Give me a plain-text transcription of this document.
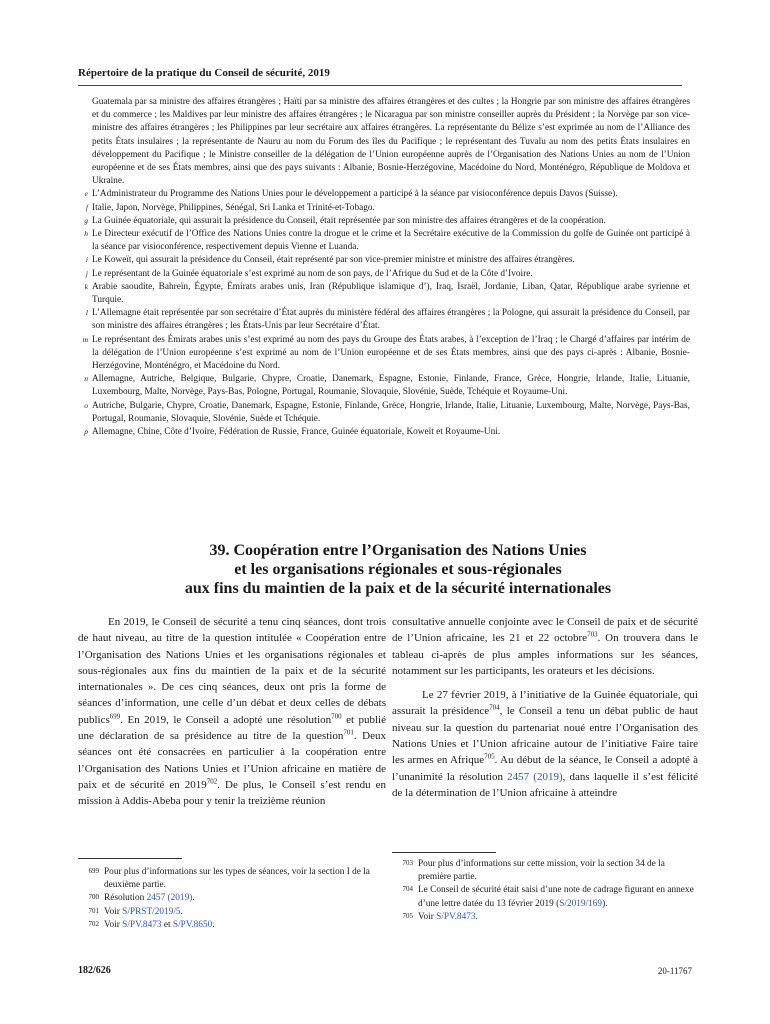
Répertoire de la pratique du Conseil de sécurité, 2019
Guatemala par sa ministre des affaires étrangères ; Haïti par sa ministre des affaires étrangères et des cultes ; la Hongrie par son ministre des affaires étrangères et du commerce ; les Maldives par leur ministre des affaires étrangères ; le Nicaragua par son ministre conseiller auprès du Président ; la Norvège par son vice-ministre des affaires étrangères ; les Philippines par leur secrétaire aux affaires étrangères. La représentante du Bélize s’est exprimée au nom de l’Alliance des petits États insulaires ; la représentante de Nauru au nom du Forum des îles du Pacifique ; le représentant des Tuvalu au nom des petits États insulaires en développement du Pacifique ; le Ministre conseiller de la délégation de l’Union européenne auprès de l’Organisation des Nations Unies au nom de l’Union européenne et de ses États membres, ainsi que des pays suivants : Albanie, Bosnie-Herzégovine, Macédoine du Nord, Monténégro, République de Moldova et Ukraine.
e L’Administrateur du Programme des Nations Unies pour le développement a participé à la séance par visioconférence depuis Davos (Suisse).
f Italie, Japon, Norvège, Philippines, Sénégal, Sri Lanka et Trinité-et-Tobago.
g La Guinée équatoriale, qui assurait la présidence du Conseil, était représentée par son ministre des affaires étrangères et de la coopération.
h Le Directeur exécutif de l’Office des Nations Unies contre la drogue et le crime et la Secrétaire exécutive de la Commission du golfe de Guinée ont participé à la séance par visioconférence, respectivement depuis Vienne et Luanda.
i Le Koweït, qui assurait la présidence du Conseil, était représenté par son vice-premier ministre et ministre des affaires étrangères.
j Le représentant de la Guinée équatoriale s’est exprimé au nom de son pays, de l’Afrique du Sud et de la Côte d’Ivoire.
k Arabie saoudite, Bahreïn, Égypte, Émirats arabes unis, Iran (République islamique d’), Iraq, Israël, Jordanie, Liban, Qatar, République arabe syrienne et Turquie.
l L’Allemagne était représentée par son secrétaire d’État auprès du ministère fédéral des affaires étrangères ; la Pologne, qui assurait la présidence du Conseil, par son ministre des affaires étrangères ; les États-Unis par leur Secrétaire d’État.
m Le représentant des Émirats arabes unis s’est exprimé au nom des pays du Groupe des États arabes, à l’exception de l’Iraq ; le Chargé d’affaires par intérim de la délégation de l’Union européenne s’est exprimé au nom de l’Union européenne et de ses États membres, ainsi que des pays ci-après : Albanie, Bosnie-Herzégovine, Monténégro, et Macédoine du Nord.
n Allemagne, Autriche, Belgique, Bulgarie, Chypre, Croatie, Danemark, Espagne, Estonie, Finlande, France, Grèce, Hongrie, Irlande, Italie, Lituanie, Luxembourg, Malte, Norvège, Pays-Bas, Pologne, Portugal, Roumanie, Slovaquie, Slovénie, Suède, Tchéquie et Royaume-Uni.
o Autriche, Bulgarie, Chypre, Croatie, Danemark, Espagne, Estonie, Finlande, Grèce, Hongrie, Irlande, Italie, Lituanie, Luxembourg, Malte, Norvège, Pays-Bas, Portugal, Roumanie, Slovaquie, Slovénie, Suède et Tchéquie.
p Allemagne, Chine, Côte d’Ivoire, Fédération de Russie, France, Guinée équatoriale, Koweït et Royaume-Uni.
39. Coopération entre l’Organisation des Nations Unies
et les organisations régionales et sous-régionales
aux fins du maintien de la paix et de la sécurité internationales

En 2019, le Conseil de sécurité a tenu cinq séances, dont trois de haut niveau, au titre de la question intitulée « Coopération entre l’Organisation des Nations Unies et les organisations régionales et sous-régionales aux fins du maintien de la paix et de la sécurité internationales ». De ces cinq séances, deux ont pris la forme de séances d’information, une celle d’un débat et deux celles de débats publics$^{699}$. En 2019, le Conseil a adopté une résolution$^{700}$ et publié une déclaration de sa présidence au titre de la question$^{701}$. Deux séances ont été consacrées en particulier à la coopération entre l’Organisation des Nations Unies et l’Union africaine en matière de paix et de sécurité en 2019$^{702}$. De plus, le Conseil s’est rendu en mission à Addis-Abeba pour y tenir la treizième réunion

consultative annuelle conjointe avec le Conseil de paix et de sécurité de l’Union africaine, les 21 et 22 octobre$^{703}$. On trouvera dans le tableau ci-après de plus amples informations sur les séances, notamment sur les participants, les orateurs et les décisions.

Le 27 février 2019, à l’initiative de la Guinée équatoriale, qui assurait la présidence$^{704}$, le Conseil a tenu un débat public de haut niveau sur la question du partenariat noué entre l’Organisation des Nations Unies et l’Union africaine autour de l’initiative Faire taire les armes en Afrique$^{705}$. Au début de la séance, le Conseil a adopté à l’unanimité la résolution 2457 (2019), dans laquelle il s’est félicité de la détermination de l’Union africaine à atteindre

699 Pour plus d’informations sur les types de séances, voir la section I de la deuxième partie.
700 Résolution 2457 (2019).
701 Voir S/PRST/2019/5.
702 Voir S/PV.8473 et S/PV.8650.
703 Pour plus d’informations sur cette mission, voir la section 34 de la première partie.
704 Le Conseil de sécurité était saisi d’une note de cadrage figurant en annexe d’une lettre datée du 13 février 2019 (S/2019/169).
705 Voir S/PV.8473.
182/626	20-11767
